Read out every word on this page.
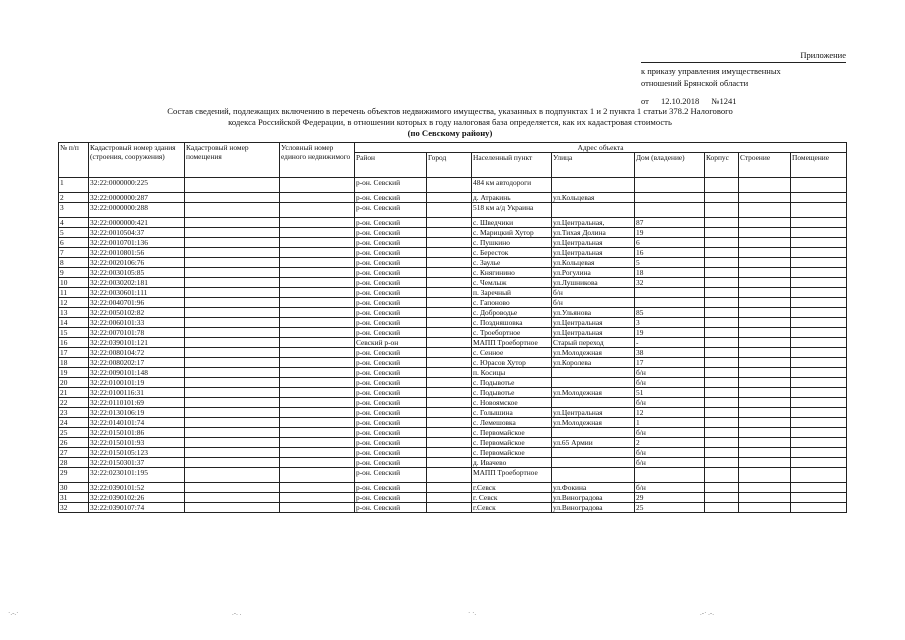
Приложение
к приказу управления имущественных
отношений Брянской области
от 12.10.2018 №1241
Состав сведений, подлежащих включению в перечень объектов недвижимого имущества, указанных в подпунктах 1 и 2 пункта 1 статьи 378.2 Налогового
кодекса Российской Федерации, в отношении которых в году налоговая база определяется, как их кадастровая стоимость
(по Севскому району)
№ п/п	Кадастровый номер здания (строения, сооружения)	Кадастровый номер помещения	Условный номер единого недвижимого	Адрес объекта							
				Район	Город	Населенный пункт	Улица	Дом (владение)	Корпус	Строение	Помещение
1	32:22:0000000:225			р-он. Севский		484 км автодороги					
2	32:22:0000000:287			р-он. Севский		д. Атракинь	ул.Кольцевая				
3	32:22:0000000:288			р-он. Севский		518 км а/д Украина					
4	32:22:0000000:421			р-он. Севский		с. Шведчики	ул.Центральная,	87			
5	32:22:0010504:37			р-он. Севский		с. Марицкий Хутор	ул.Тихая Долина	19			
6	32:22:0010701:136			р-он. Севский		с. Пушкино	ул.Центральная	6			
7	32:22:0010801:56			р-он. Севский		с. Бересток	ул.Центральная	16			
8	32:22:0020106:76			р-он. Севский		с. Заулье	ул.Кольцевая	5			
9	32:22:0030105:85			р-он. Севский		с. Княгинино	ул.Рогулина	18			
10	32:22:0030202:181			р-он. Севский		с. Чемлыж	ул.Лушникова	32			
11	32:22:0030601:111			р-он. Севский		п. Заречный	б/н				
12	32:22:0040701:96			р-он. Севский		с. Гапоново	б/н				
13	32:22:0050102:82			р-он. Севский		с. Доброводье	ул.Ульянова	85			
14	32:22:0060101:33			р-он. Севский		с. Поздняшовка	ул.Центральная	3			
15	32:22:0070101:78			р-он. Севский		с. Троебортное	ул.Центральная	19			
16	32:22:0390101:121			Севский р-он		МАПП Троебортное	Старый переход	-			
17	32:22:0080104:72			р-он. Севский		с. Сенное	ул.Молодежная	38			
18	32:22:0080202:17			р-он. Севский		с. Юрасов Хутор	ул.Королева	17			
19	32:22:0090101:148			р-он. Севский		п. Косицы		б/н			
20	32:22:0100101:19			р-он. Севский		с. Подывотье		б/н			
21	32:22:0100116:31			р-он. Севский		с. Подывотье	ул.Молодежная	51			
22	32:22:0110101:69			р-он. Севский		с. Новоямское		б/н			
23	32:22:0130106:19			р-он. Севский		с. Голышина	ул.Центральная	12			
24	32:22:0140101:74			р-он. Севский		с. Лемешовка	ул.Молодежная	1			
25	32:22:0150101:86			р-он. Севский		с. Первомайское		б/н			
26	32:22:0150101:93			р-он. Севский		с. Первомайское	ул.65 Армии	2			
27	32:22:0150105:123			р-он. Севский		с. Первомайское		б/н			
28	32:22:0150301:37			р-он. Севский		д. Ивачево		б/н			
29	32:22:0230101:195			р-он. Севский		МАПП Троебортное					
30	32:22:0390101:52			р-он. Севский		г.Севск	ул.Фокина	б/н			
31	32:22:0390102:26			р-он. Севский		г. Севск	ул.Виноградова	29			
32	32:22:0390107:74			р-он. Севский		г.Севск	ул.Виноградова	25			
·.-.·	.-. .	· ·.	.-· .-.
